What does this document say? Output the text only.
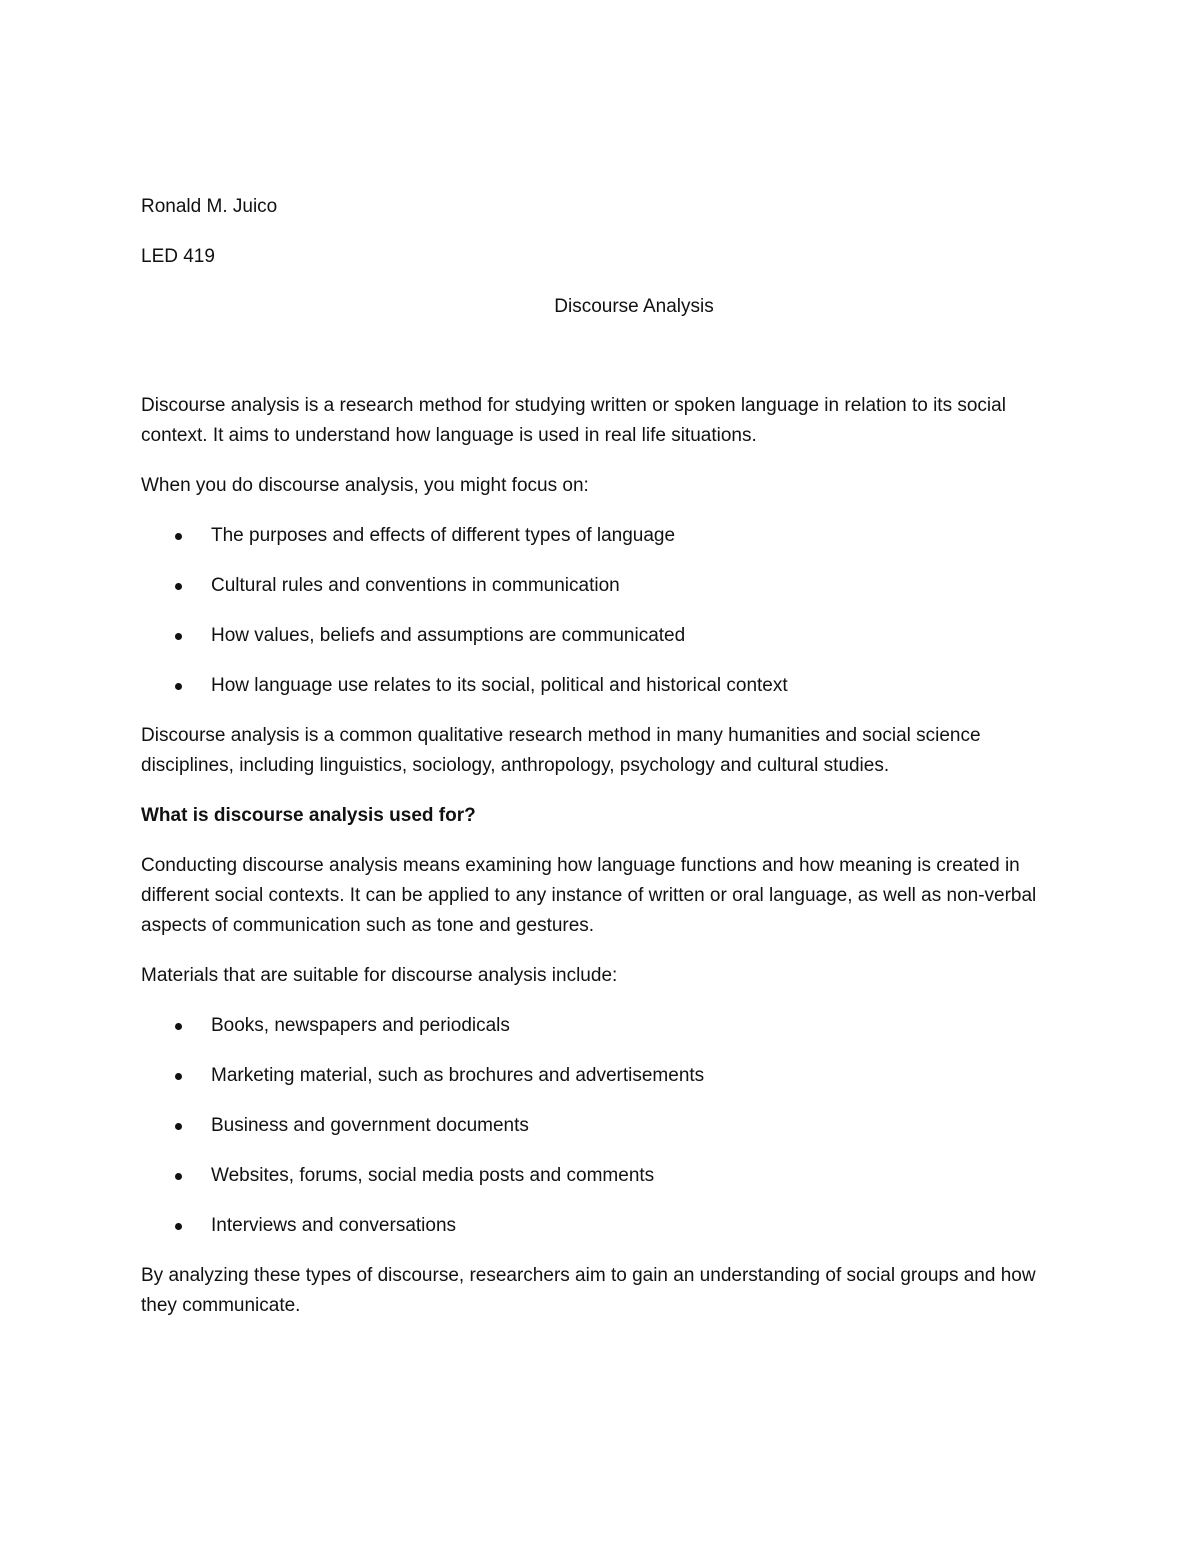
Ronald M. Juico

LED 419

Discourse Analysis

Discourse analysis is a research method for studying written or spoken language in relation to its social context. It aims to understand how language is used in real life situations.

When you do discourse analysis, you might focus on:

The purposes and effects of different types of language
Cultural rules and conventions in communication
How values, beliefs and assumptions are communicated
How language use relates to its social, political and historical context

Discourse analysis is a common qualitative research method in many humanities and social science disciplines, including linguistics, sociology, anthropology, psychology and cultural studies.

What is discourse analysis used for?

Conducting discourse analysis means examining how language functions and how meaning is created in different social contexts. It can be applied to any instance of written or oral language, as well as non-verbal aspects of communication such as tone and gestures.

Materials that are suitable for discourse analysis include:

Books, newspapers and periodicals
Marketing material, such as brochures and advertisements
Business and government documents
Websites, forums, social media posts and comments
Interviews and conversations

By analyzing these types of discourse, researchers aim to gain an understanding of social groups and how they communicate.
